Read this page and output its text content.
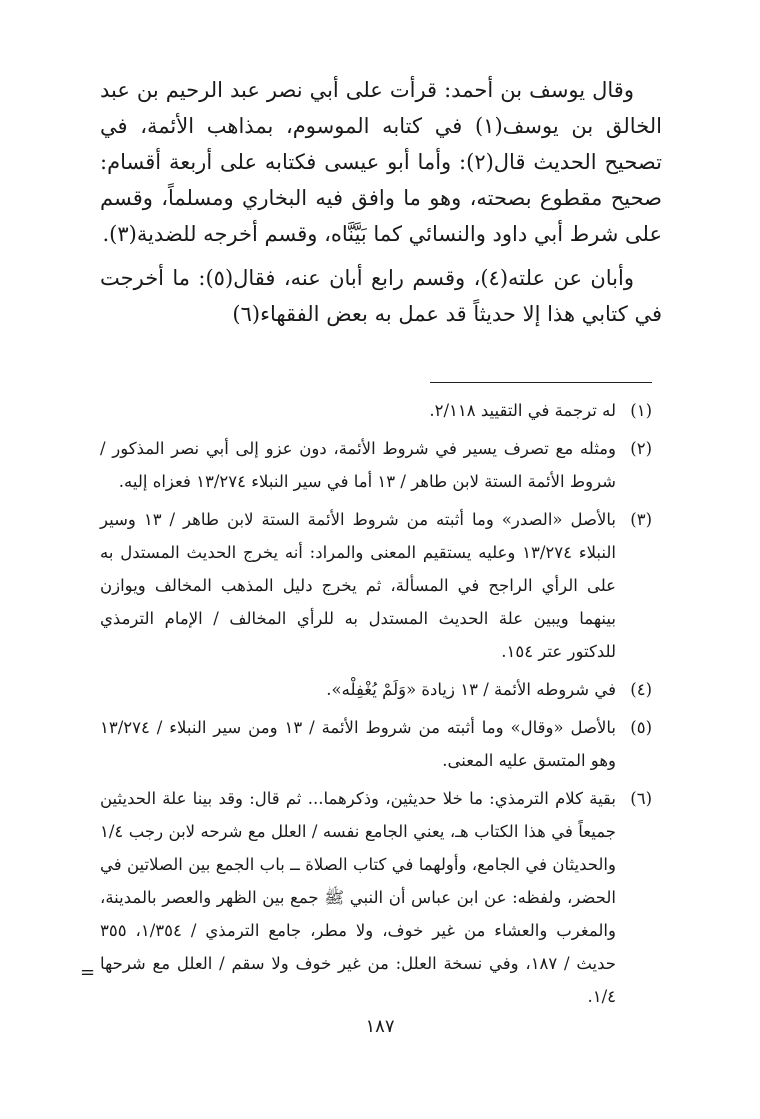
وقال يوسف بن أحمد: قرأت على أبي نصر عبد الرحيم بن عبد الخالق بن يوسف(١) في كتابه الموسوم، بمذاهب الأئمة، في تصحيح الحديث قال(٢): وأما أبو عيسى فكتابه على أربعة أقسام: صحيح مقطوع بصحته، وهو ما وافق فيه البخاري ومسلماً، وقسم على شرط أبي داود والنسائي كما بَيَّنَّاه، وقسم أخرجه للضدية(٣).

وأبان عن علته(٤)، وقسم رابع أبان عنه، فقال(٥): ما أخرجت في كتابي هذا إلا حديثاً قد عمل به بعض الفقهاء(٦)

(١)
له ترجمة في التقييد ٢/١١٨.
(٢)
ومثله مع تصرف يسير في شروط الأئمة، دون عزو إلى أبي نصر المذكور / شروط الأئمة الستة لابن طاهر / ١٣ أما في سير النبلاء ١٣/٢٧٤ فعزاه إليه.
(٣)
بالأصل «الصدر» وما أثبته من شروط الأئمة الستة لابن طاهر / ١٣ وسير النبلاء ١٣/٢٧٤ وعليه يستقيم المعنى والمراد: أنه يخرج الحديث المستدل به على الرأي الراجح في المسألة، ثم يخرج دليل المذهب المخالف ويوازن بينهما ويبين علة الحديث المستدل به للرأي المخالف / الإمام الترمذي للدكتور عتر ١٥٤.
(٤)
في شروطه الأئمة / ١٣ زيادة «وَلَمْ يُغْفِلْه».
(٥)
بالأصل «وقال» وما أثبته من شروط الأئمة / ١٣ ومن سير النبلاء / ١٣/٢٧٤ وهو المتسق عليه المعنى.
(٦)
بقية كلام الترمذي: ما خلا حديثين، وذكرهما... ثم قال: وقد بينا علة الحديثين جميعاً في هذا الكتاب هـ، يعني الجامع نفسه / العلل مع شرحه لابن رجب ١/٤ والحديثان في الجامع، وأولهما في كتاب الصلاة ــ باب الجمع بين الصلاتين في الحضر، ولفظه: عن ابن عباس أن النبي ﷺ جمع بين الظهر والعصر بالمدينة، والمغرب والعشاء من غير خوف، ولا مطر، جامع الترمذي / ١/٣٥٤، ٣٥٥ حديث / ١٨٧، وفي نسخة العلل: من غير خوف ولا سقم / العلل مع شرحها ١/٤.
=
١٨٧
